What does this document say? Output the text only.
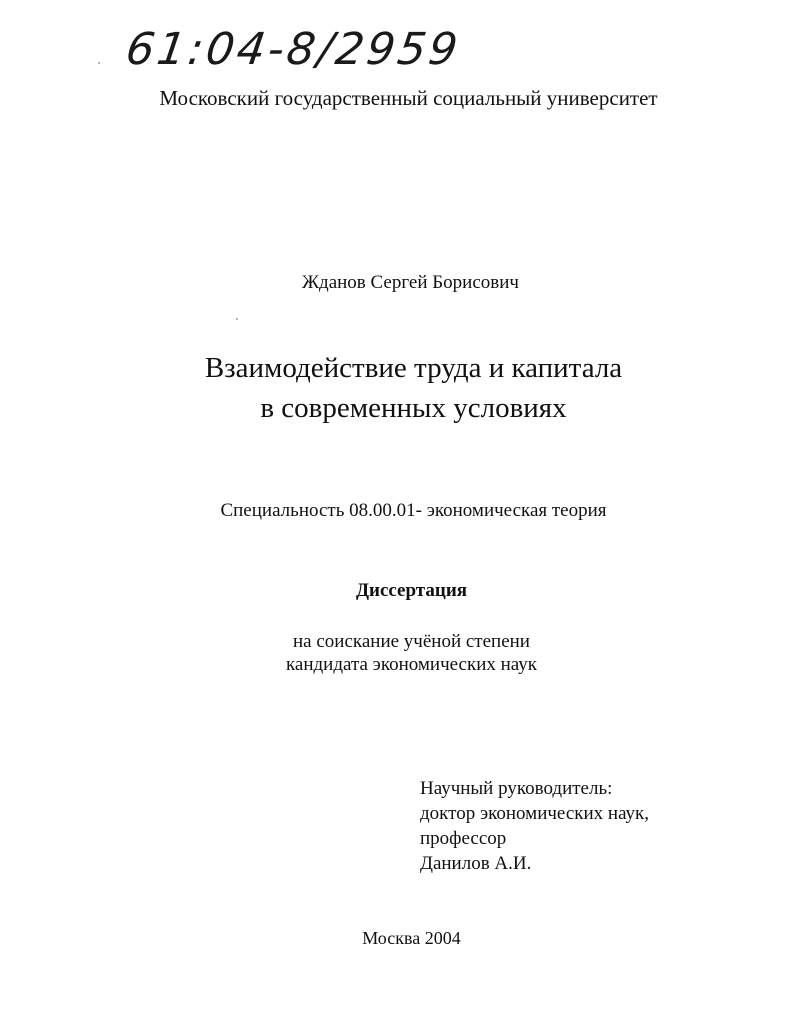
61:04-8/2959
Московский государственный социальный университет
Жданов Сергей Борисович
Взаимодействие труда и капитала
в современных условиях
Специальность 08.00.01- экономическая теория
Диссертация
на соискание учёной степени
кандидата экономических наук
Научный руководитель:
доктор экономических наук,
профессор
Данилов А.И.
Москва 2004
